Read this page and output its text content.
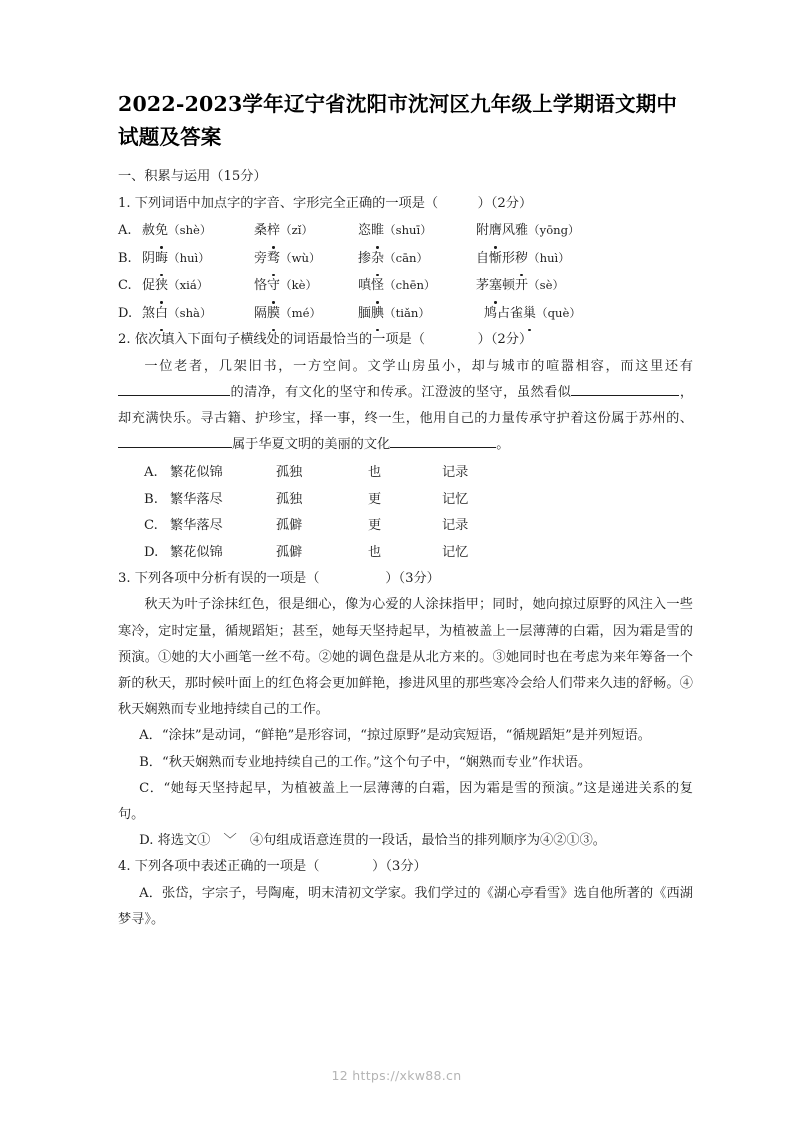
2022-2023学年辽宁省沈阳市沈河区九年级上学期语文期中试题及答案

一、积累与运用（15分）

1. 下列词语中加点字的字音、字形完全正确的一项是（　　　）（2分）

A. 赦免（shè）	桑梓（zǐ）	恣睢（shuī）	附膺风雅（yōng）

B. 阴晦（huì）	旁骛（wù）	掺杂（cān）	自惭形秽（huì）

C. 促狭（xiá）	恪守（kè）	嗔怪（chēn）	茅塞顿开（sè）

D. 煞白（shà）	隔膜（mé）	腼腆（tiǎn）	鸠占雀巢（què）

2. 依次填入下面句子横线处的词语最恰当的一项是（　　　　）（2分）

一位老者，几架旧书，一方空间。文学山房虽小，却与城市的喧嚣相容，而这里还有的清净，有文化的坚守和传承。江澄波的坚守，虽然看似	，却充满快乐。寻古籍、护珍宝，择一事，终一生，他用自己的力量传承守护着这份属于苏州的、属于华夏文明的美丽的文化	。

A. 繁花似锦	孤独	也	记录

B. 繁华落尽	孤独	更	记忆

C. 繁华落尽	孤僻	更	记录

D. 繁花似锦	孤僻	也	记忆

3. 下列各项中分析有误的一项是（　　　　　）（3分）

秋天为叶子涂抹红色，很是细心，像为心爱的人涂抹指甲；同时，她向掠过原野的风注入一些寒冷，定时定量，循规蹈矩；甚至，她每天坚持起早，为植被盖上一层薄薄的白霜，因为霜是雪的预演。①她的大小画笔一丝不苟。②她的调色盘是从北方来的。③她同时也在考虑为来年筹备一个新的秋天，那时候叶面上的红色将会更加鲜艳，掺进风里的那些寒冷会给人们带来久违的舒畅。④秋天娴熟而专业地持续自己的工作。

A．“涂抹”是动词，“鲜艳”是形容词，“掠过原野”是动宾短语，“循规蹈矩”是并列短语。

B．“秋天娴熟而专业地持续自己的工作。”这个句子中，“娴熟而专业”作状语。

C．“她每天坚持起早，为植被盖上一层薄薄的白霜，因为霜是雪的预演。”这是递进关系的复句。

D. 将选文①　﹀　④句组成语意连贯的一段话，最恰当的排列顺序为④②①③。

4. 下列各项中表述正确的一项是（　　　　）（3分）

A．张岱，字宗子，号陶庵，明末清初文学家。我们学过的《湖心亭看雪》选自他所著的《西湖梦寻》。

12 https://xkw88.cn
